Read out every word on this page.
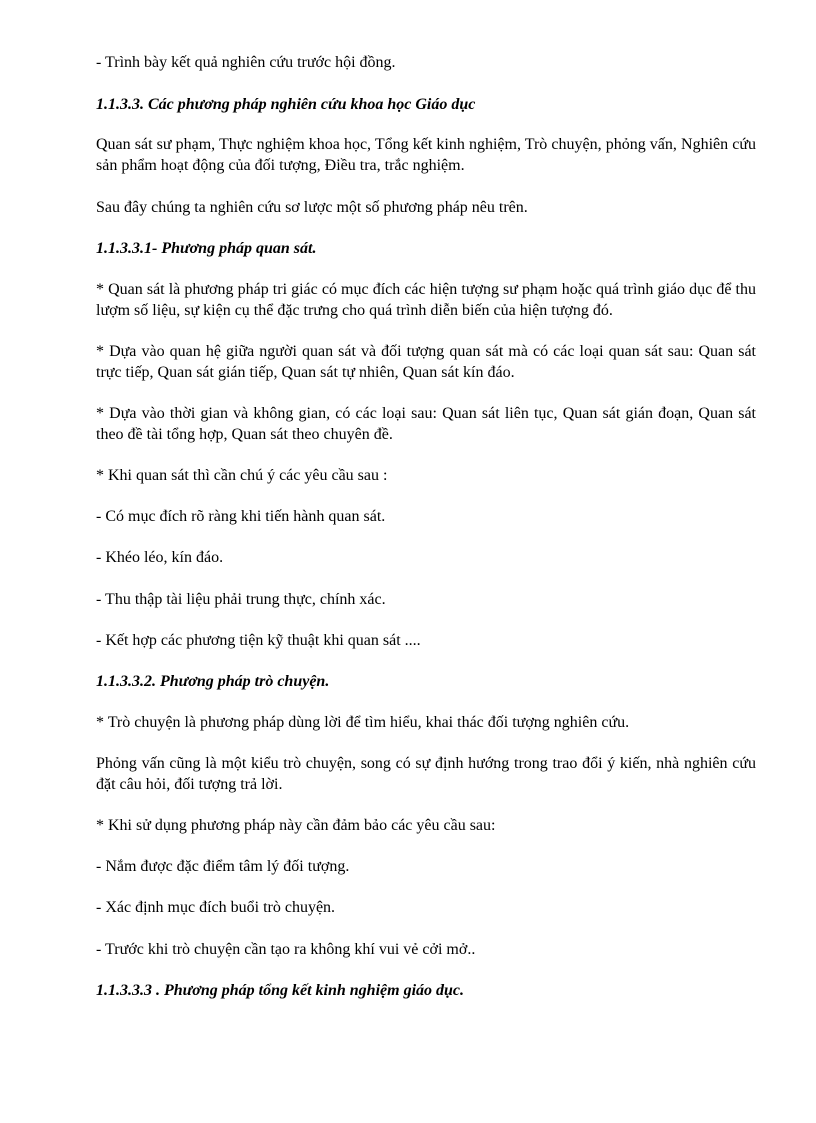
- Trình bày kết quả nghiên cứu trước hội đồng.

1.1.3.3. Các phương pháp nghiên cứu khoa học Giáo dục

Quan sát sư phạm, Thực nghiệm khoa học, Tổng kết kinh nghiệm, Trò chuyện, phỏng vấn, Nghiên cứu sản phẩm hoạt động của đối tượng, Điều tra, trắc nghiệm.

Sau đây chúng ta nghiên cứu sơ lược một số phương pháp nêu trên.

1.1.3.3.1- Phương pháp quan sát.

* Quan sát là phương pháp tri giác có mục đích các hiện tượng sư phạm hoặc quá trình giáo dục để thu lượm số liệu, sự kiện cụ thể đặc trưng cho quá trình diễn biến của hiện tượng đó.

* Dựa vào quan hệ giữa người quan sát và đối tượng quan sát mà có các loại quan sát sau: Quan sát trực tiếp, Quan sát gián tiếp, Quan sát tự nhiên, Quan sát kín đáo.

* Dựa vào thời gian và không gian, có các loại sau: Quan sát liên tục, Quan sát gián đoạn, Quan sát theo đề tài tổng hợp, Quan sát theo chuyên đề.

* Khi quan sát thì cần chú ý các yêu cầu sau :

- Có mục đích rõ ràng khi tiến hành quan sát.

- Khéo léo, kín đáo.

- Thu thập tài liệu phải trung thực, chính xác.

- Kết hợp các phương tiện kỹ thuật khi quan sát ....

1.1.3.3.2. Phương pháp trò chuyện.

* Trò chuyện là phương pháp dùng lời để tìm hiểu, khai thác đối tượng nghiên cứu.

Phỏng vấn cũng là một kiểu trò chuyện, song có sự định hướng trong trao đổi ý kiến, nhà nghiên cứu đặt câu hỏi, đối tượng trả lời.

* Khi sử dụng phương pháp này cần đảm bảo các yêu cầu sau:

- Nắm được đặc điểm tâm lý đối tượng.

- Xác định mục đích buổi trò chuyện.

- Trước khi trò chuyện cần tạo ra không khí vui vẻ cởi mở..

1.1.3.3.3 . Phương pháp tổng kết kinh nghiệm giáo dục.
